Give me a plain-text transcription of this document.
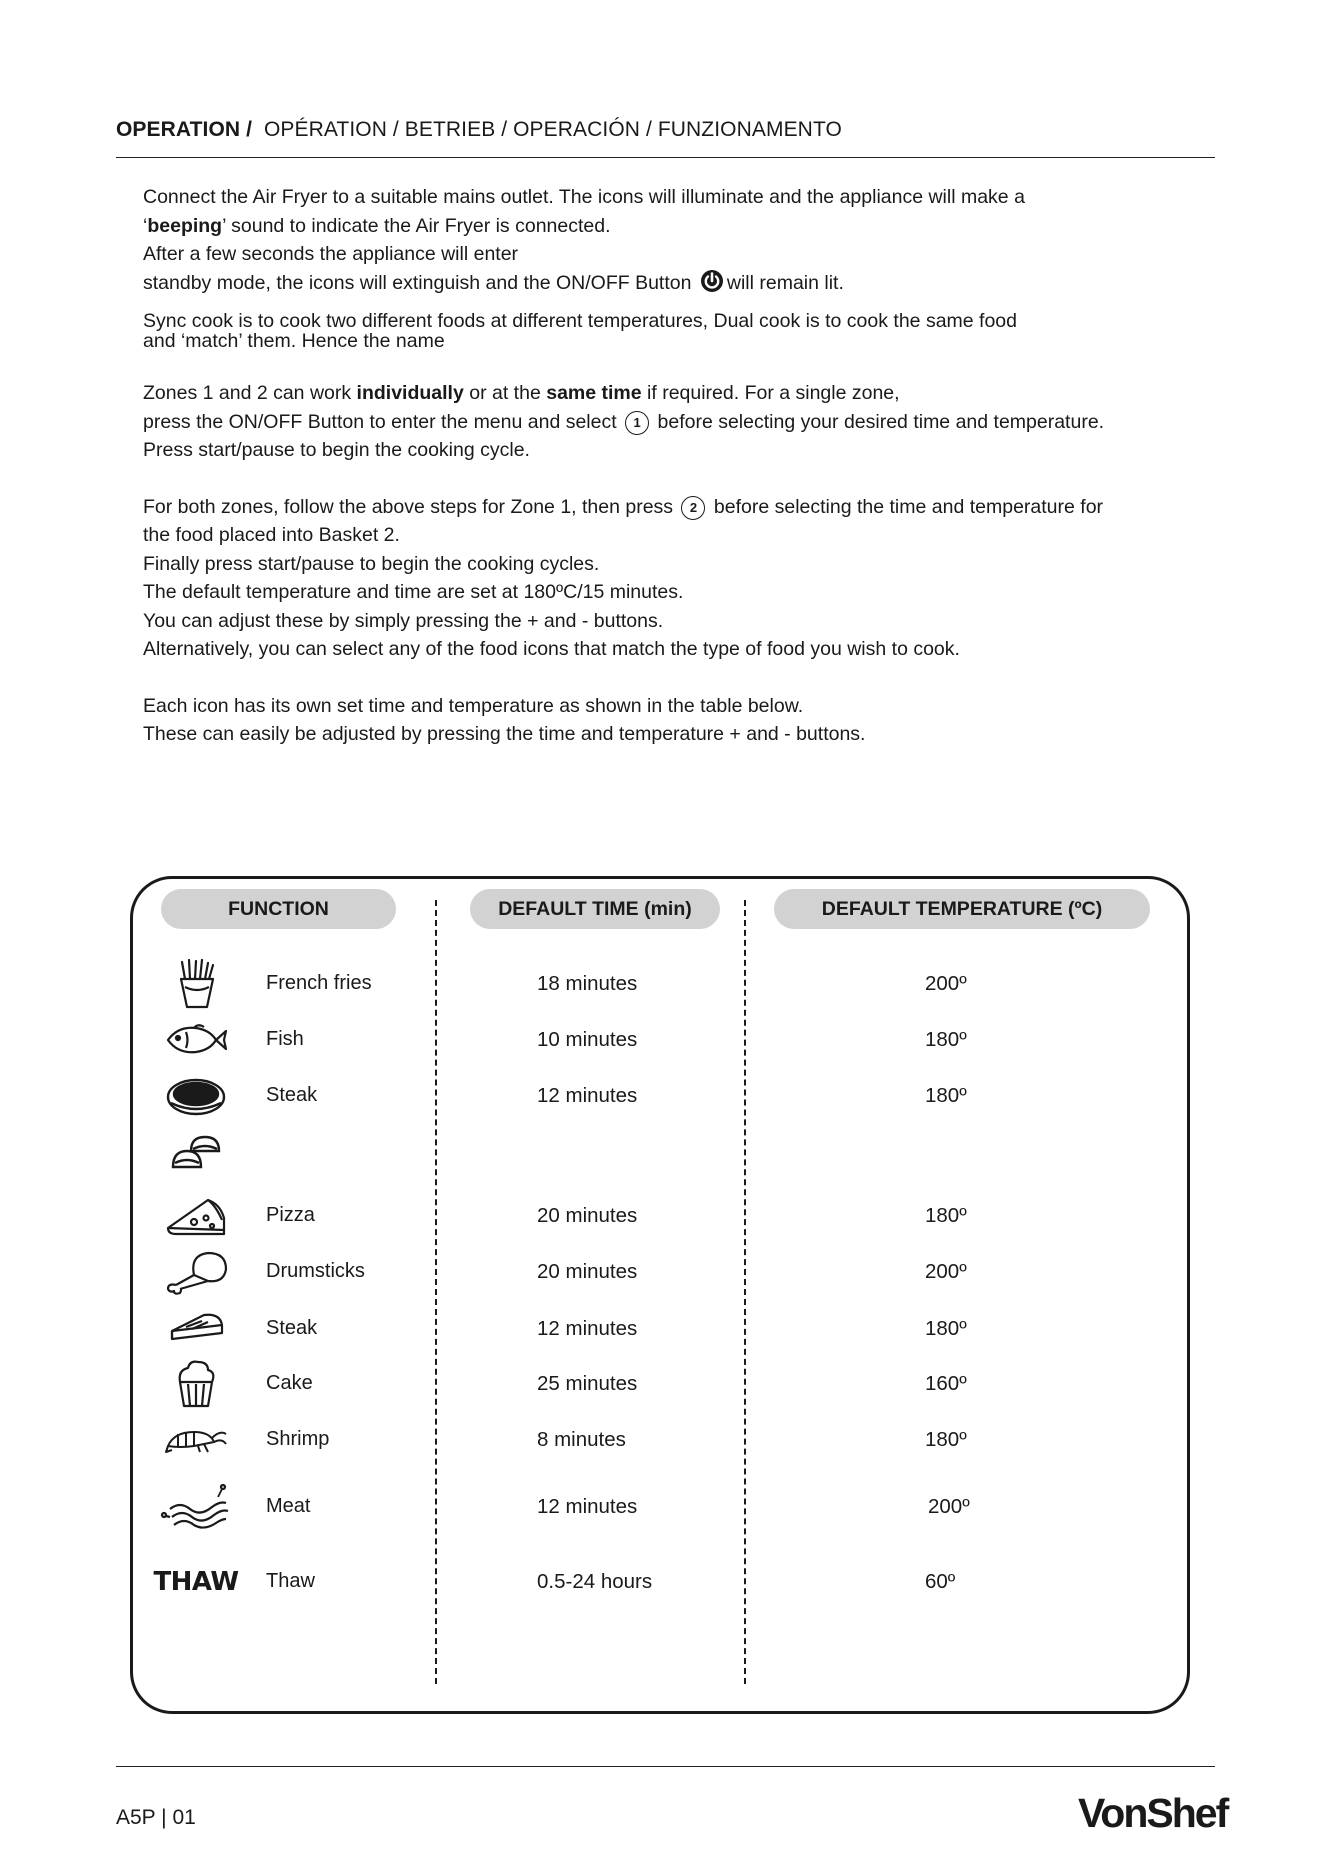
OPERATION / OPÉRATION / BETRIEB / OPERACIÓN / FUNZIONAMENTO

Connect the Air Fryer to a suitable mains outlet. The icons will illuminate and the appliance will make a

‘beeping’ sound to indicate the Air Fryer is connected.

After a few seconds the appliance will enter

standby mode, the icons will extinguish and the ON/OFF Button will remain lit.

Sync cook is to cook two different foods at different temperatures, Dual cook is to cook the same food

and ‘match’ them. Hence the name

Zones 1 and 2 can work individually or at the same time if required. For a single zone,

press the ON/OFF Button to enter the menu and select 1 before selecting your desired time and temperature.

Press start/pause to begin the cooking cycle.

For both zones, follow the above steps for Zone 1, then press 2 before selecting the time and temperature for

the food placed into Basket 2.

Finally press start/pause to begin the cooking cycles.

The default temperature and time are set at 180ºC/15 minutes.

You can adjust these by simply pressing the + and - buttons.

Alternatively, you can select any of the food icons that match the type of food you wish to cook.

Each icon has its own set time and temperature as shown in the table below.

These can easily be adjusted by pressing the time and temperature + and - buttons.

FUNCTION	DEFAULT TIME (min)	DEFAULT TEMPERATURE (ºC)
French fries	18 minutes	200º
Fish	10 minutes	180º
Steak	12 minutes	180º
Pizza	20 minutes	180º
Drumsticks	20 minutes	200º
Steak	12 minutes	180º
Cake	25 minutes	160º
Shrimp	8 minutes	180º
Meat	12 minutes	200º
THAW Thaw	0.5-24 hours	60º
A5P | 01	VonShef
